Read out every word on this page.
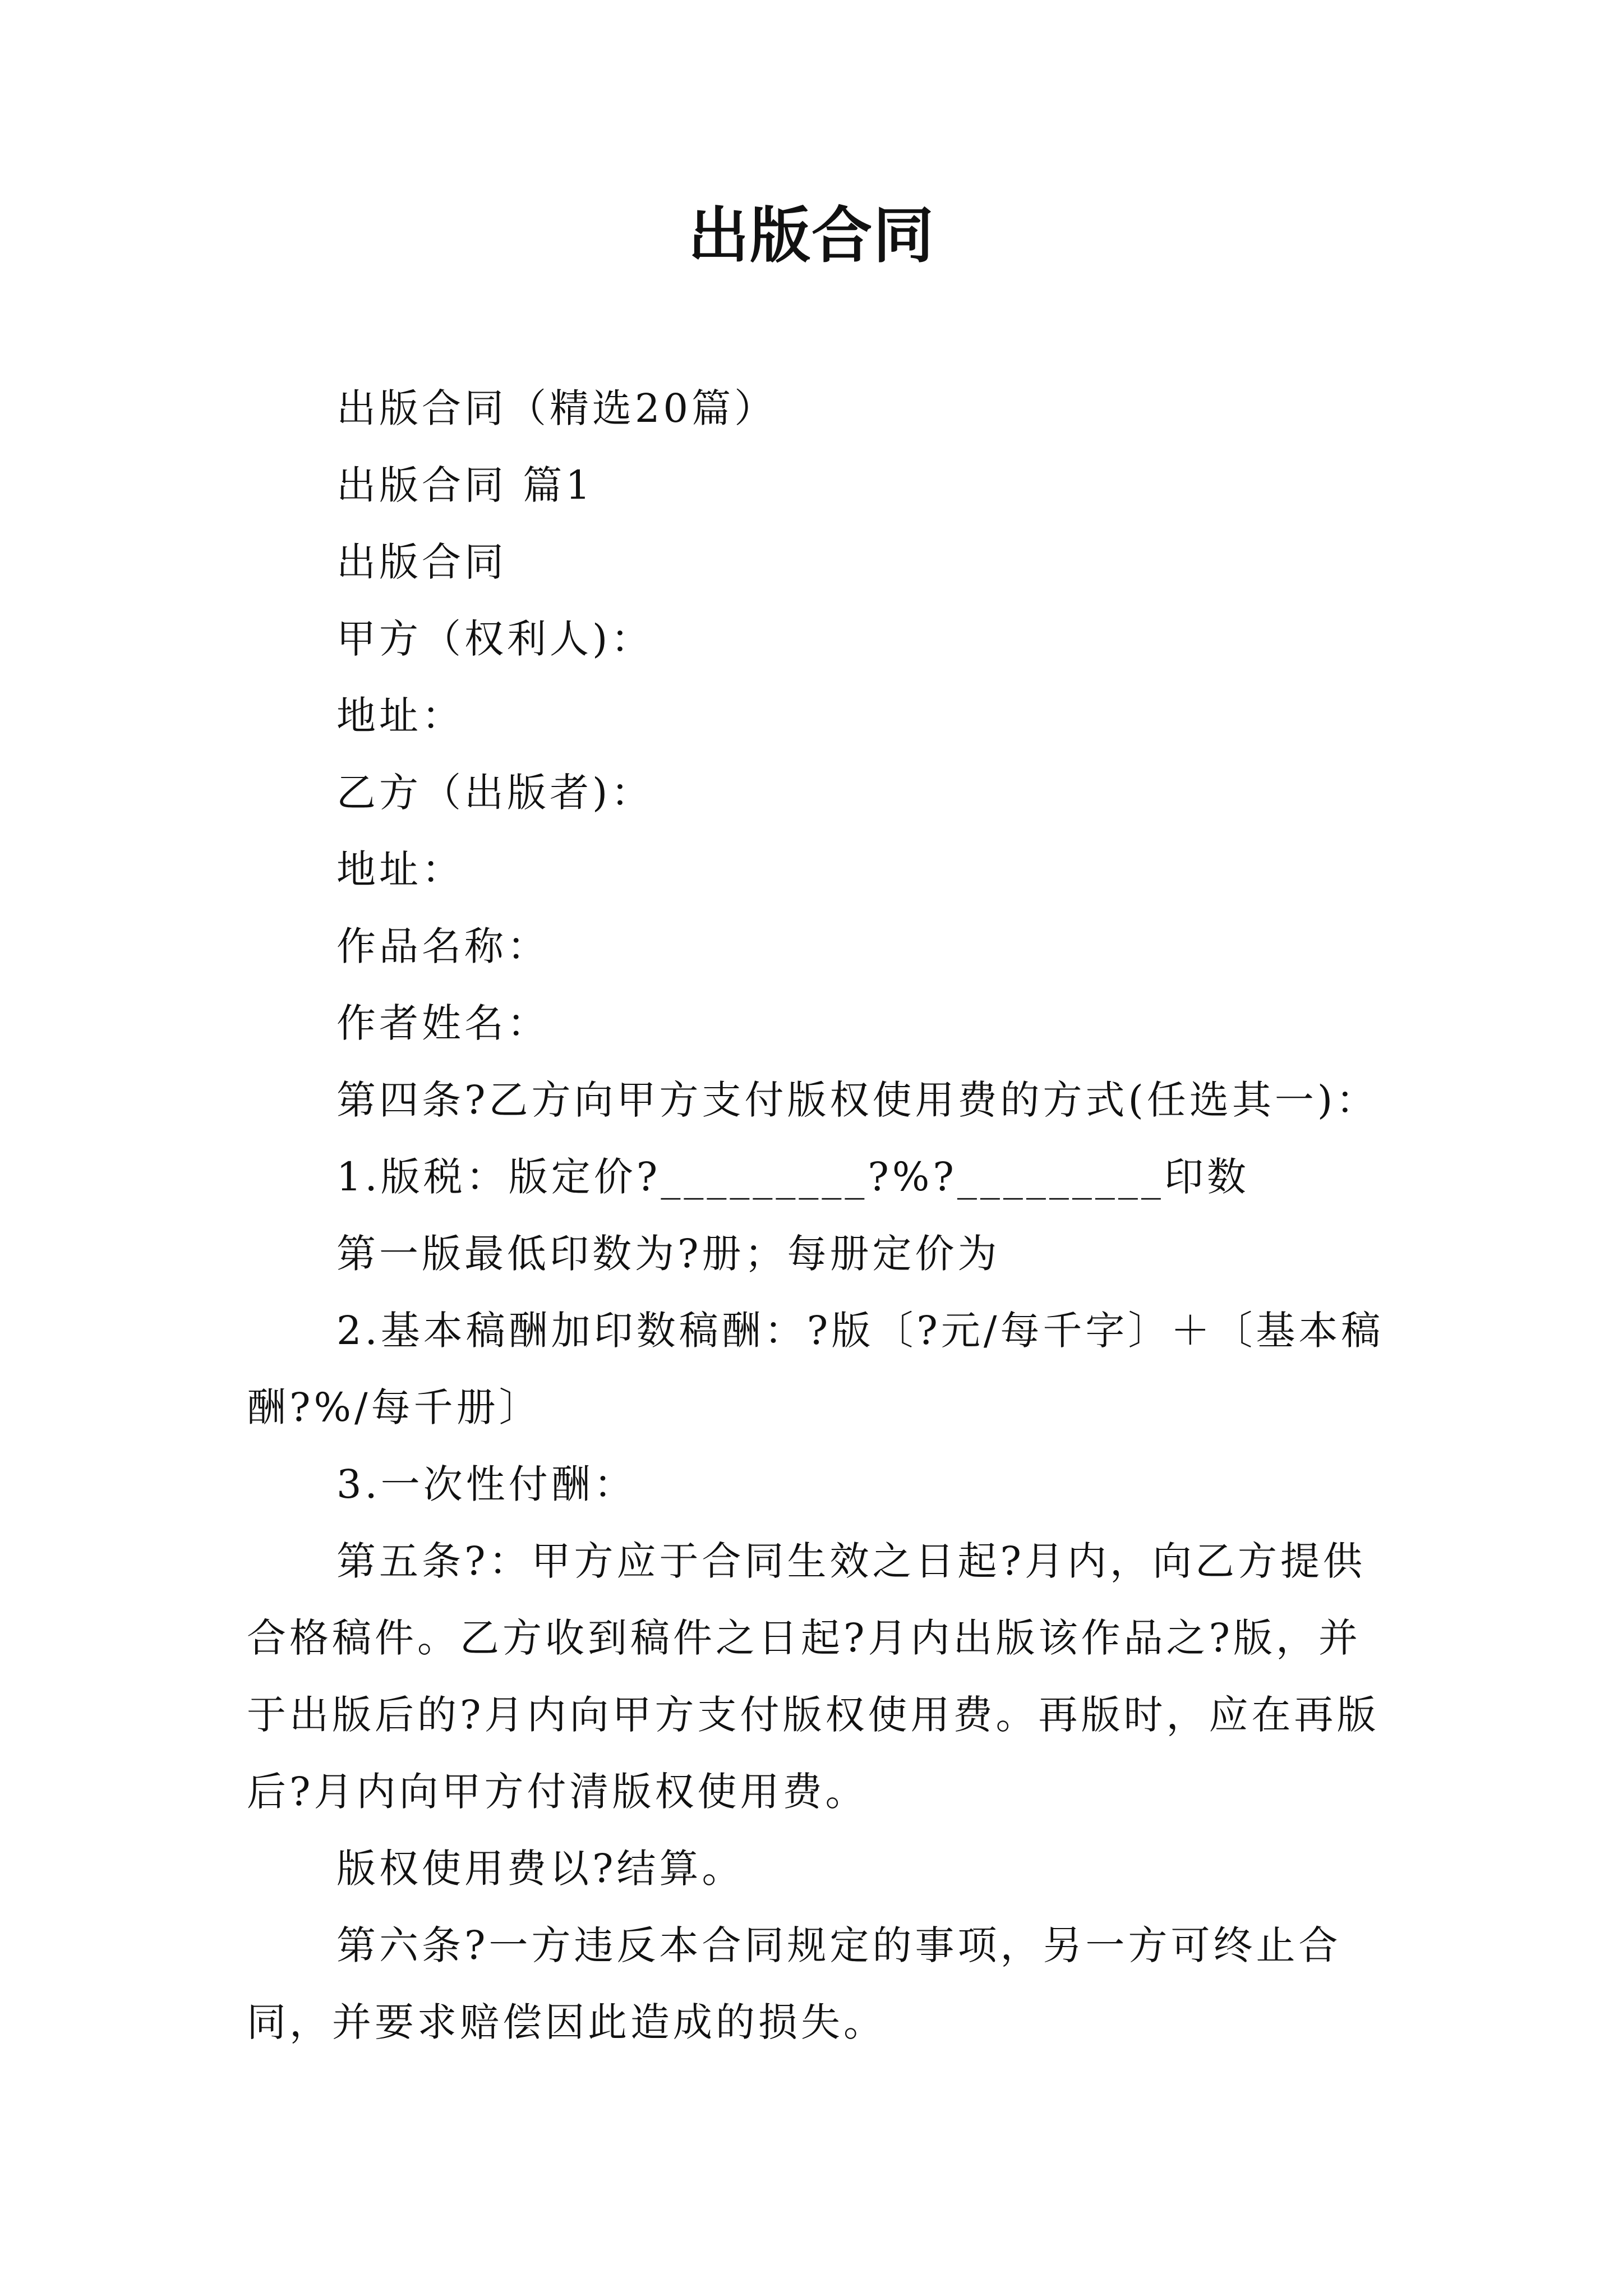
出版合同

出版合同（精选20篇）

出版合同 篇1

出版合同

甲方（权利人)：

地址：

乙方（出版者)：

地址：

作品名称：

作者姓名：

第四条?乙方向甲方支付版权使用费的方式(任选其一)：

1.版税：版定价?_________?%?_________印数

第一版最低印数为?册；每册定价为

2.基本稿酬加印数稿酬：?版〔?元/每千字〕＋〔基本稿酬?%/每千册〕

3.一次性付酬：

第五条?：甲方应于合同生效之日起?月内，向乙方提供合格稿件。乙方收到稿件之日起?月内出版该作品之?版，并于出版后的?月内向甲方支付版权使用费。再版时，应在再版后?月内向甲方付清版权使用费。

版权使用费以?结算。

第六条?一方违反本合同规定的事项，另一方可终止合同，并要求赔偿因此造成的损失。
